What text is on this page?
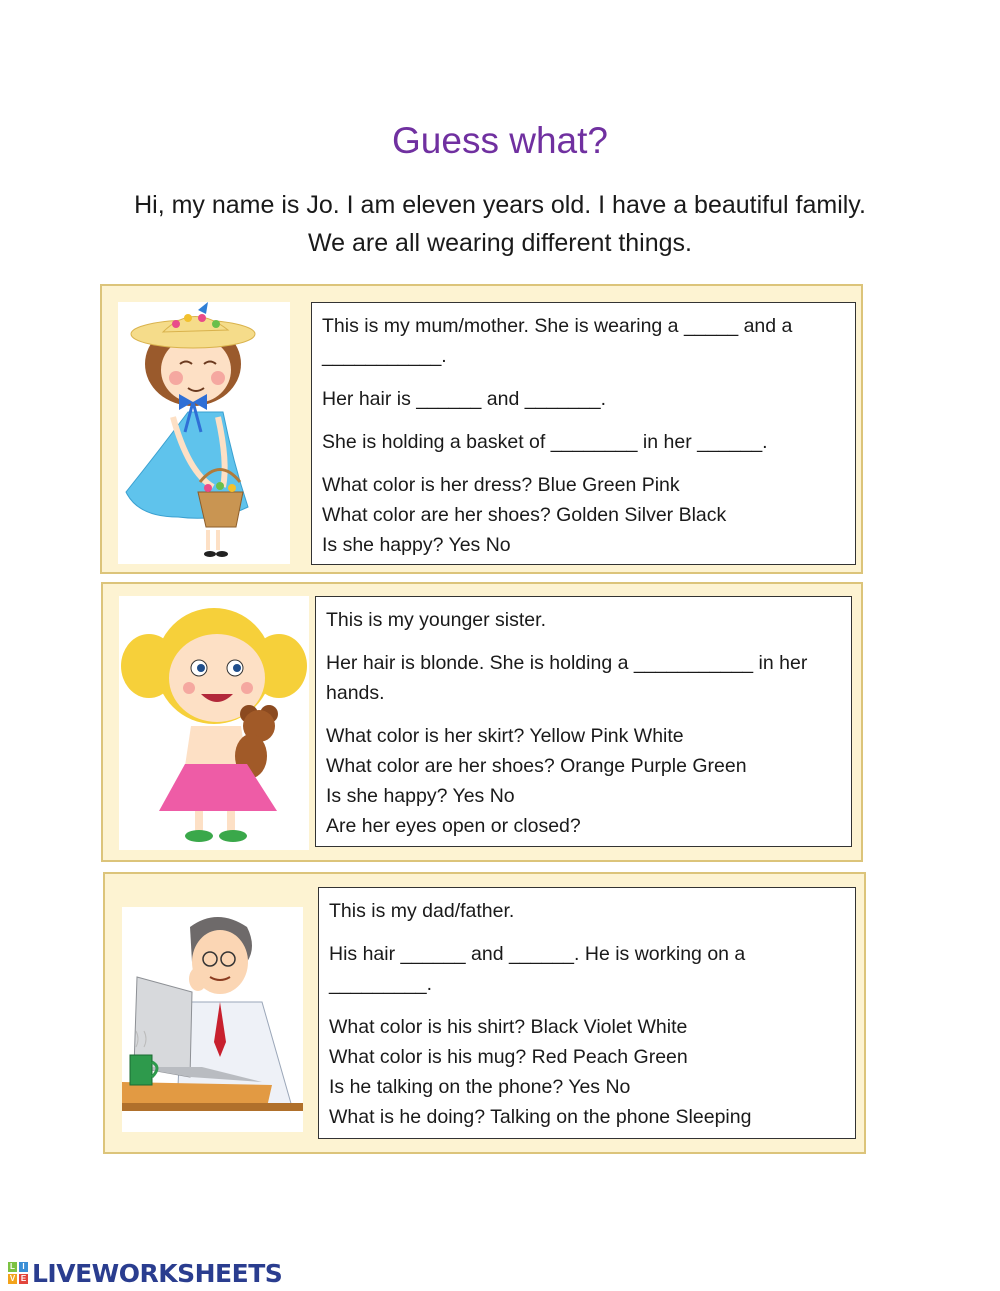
Guess what?
Hi, my name is Jo. I am eleven years old. I have a beautiful family. We are all wearing different things.

This is my mum/mother. She is wearing a _____ and a ___________.

Her hair is ______ and _______.

She is holding a basket of ________ in her ______.

What color is her dress? Blue Green Pink

What color are her shoes? Golden Silver Black

Is she happy? Yes No

This is my younger sister.

Her hair is blonde. She is holding a ___________ in her hands.

What color is her skirt? Yellow Pink White

What color are her shoes? Orange Purple Green

Is she happy? Yes No

Are her eyes open or closed?

This is my dad/father.

His hair ______ and ______. He is working on a _________.

What color is his shirt? Black Violet White

What color is his mug? Red Peach Green

Is he talking on the phone? Yes No

What is he doing? Talking on the phone Sleeping

L I
V E LIVEWORKSHEETS
